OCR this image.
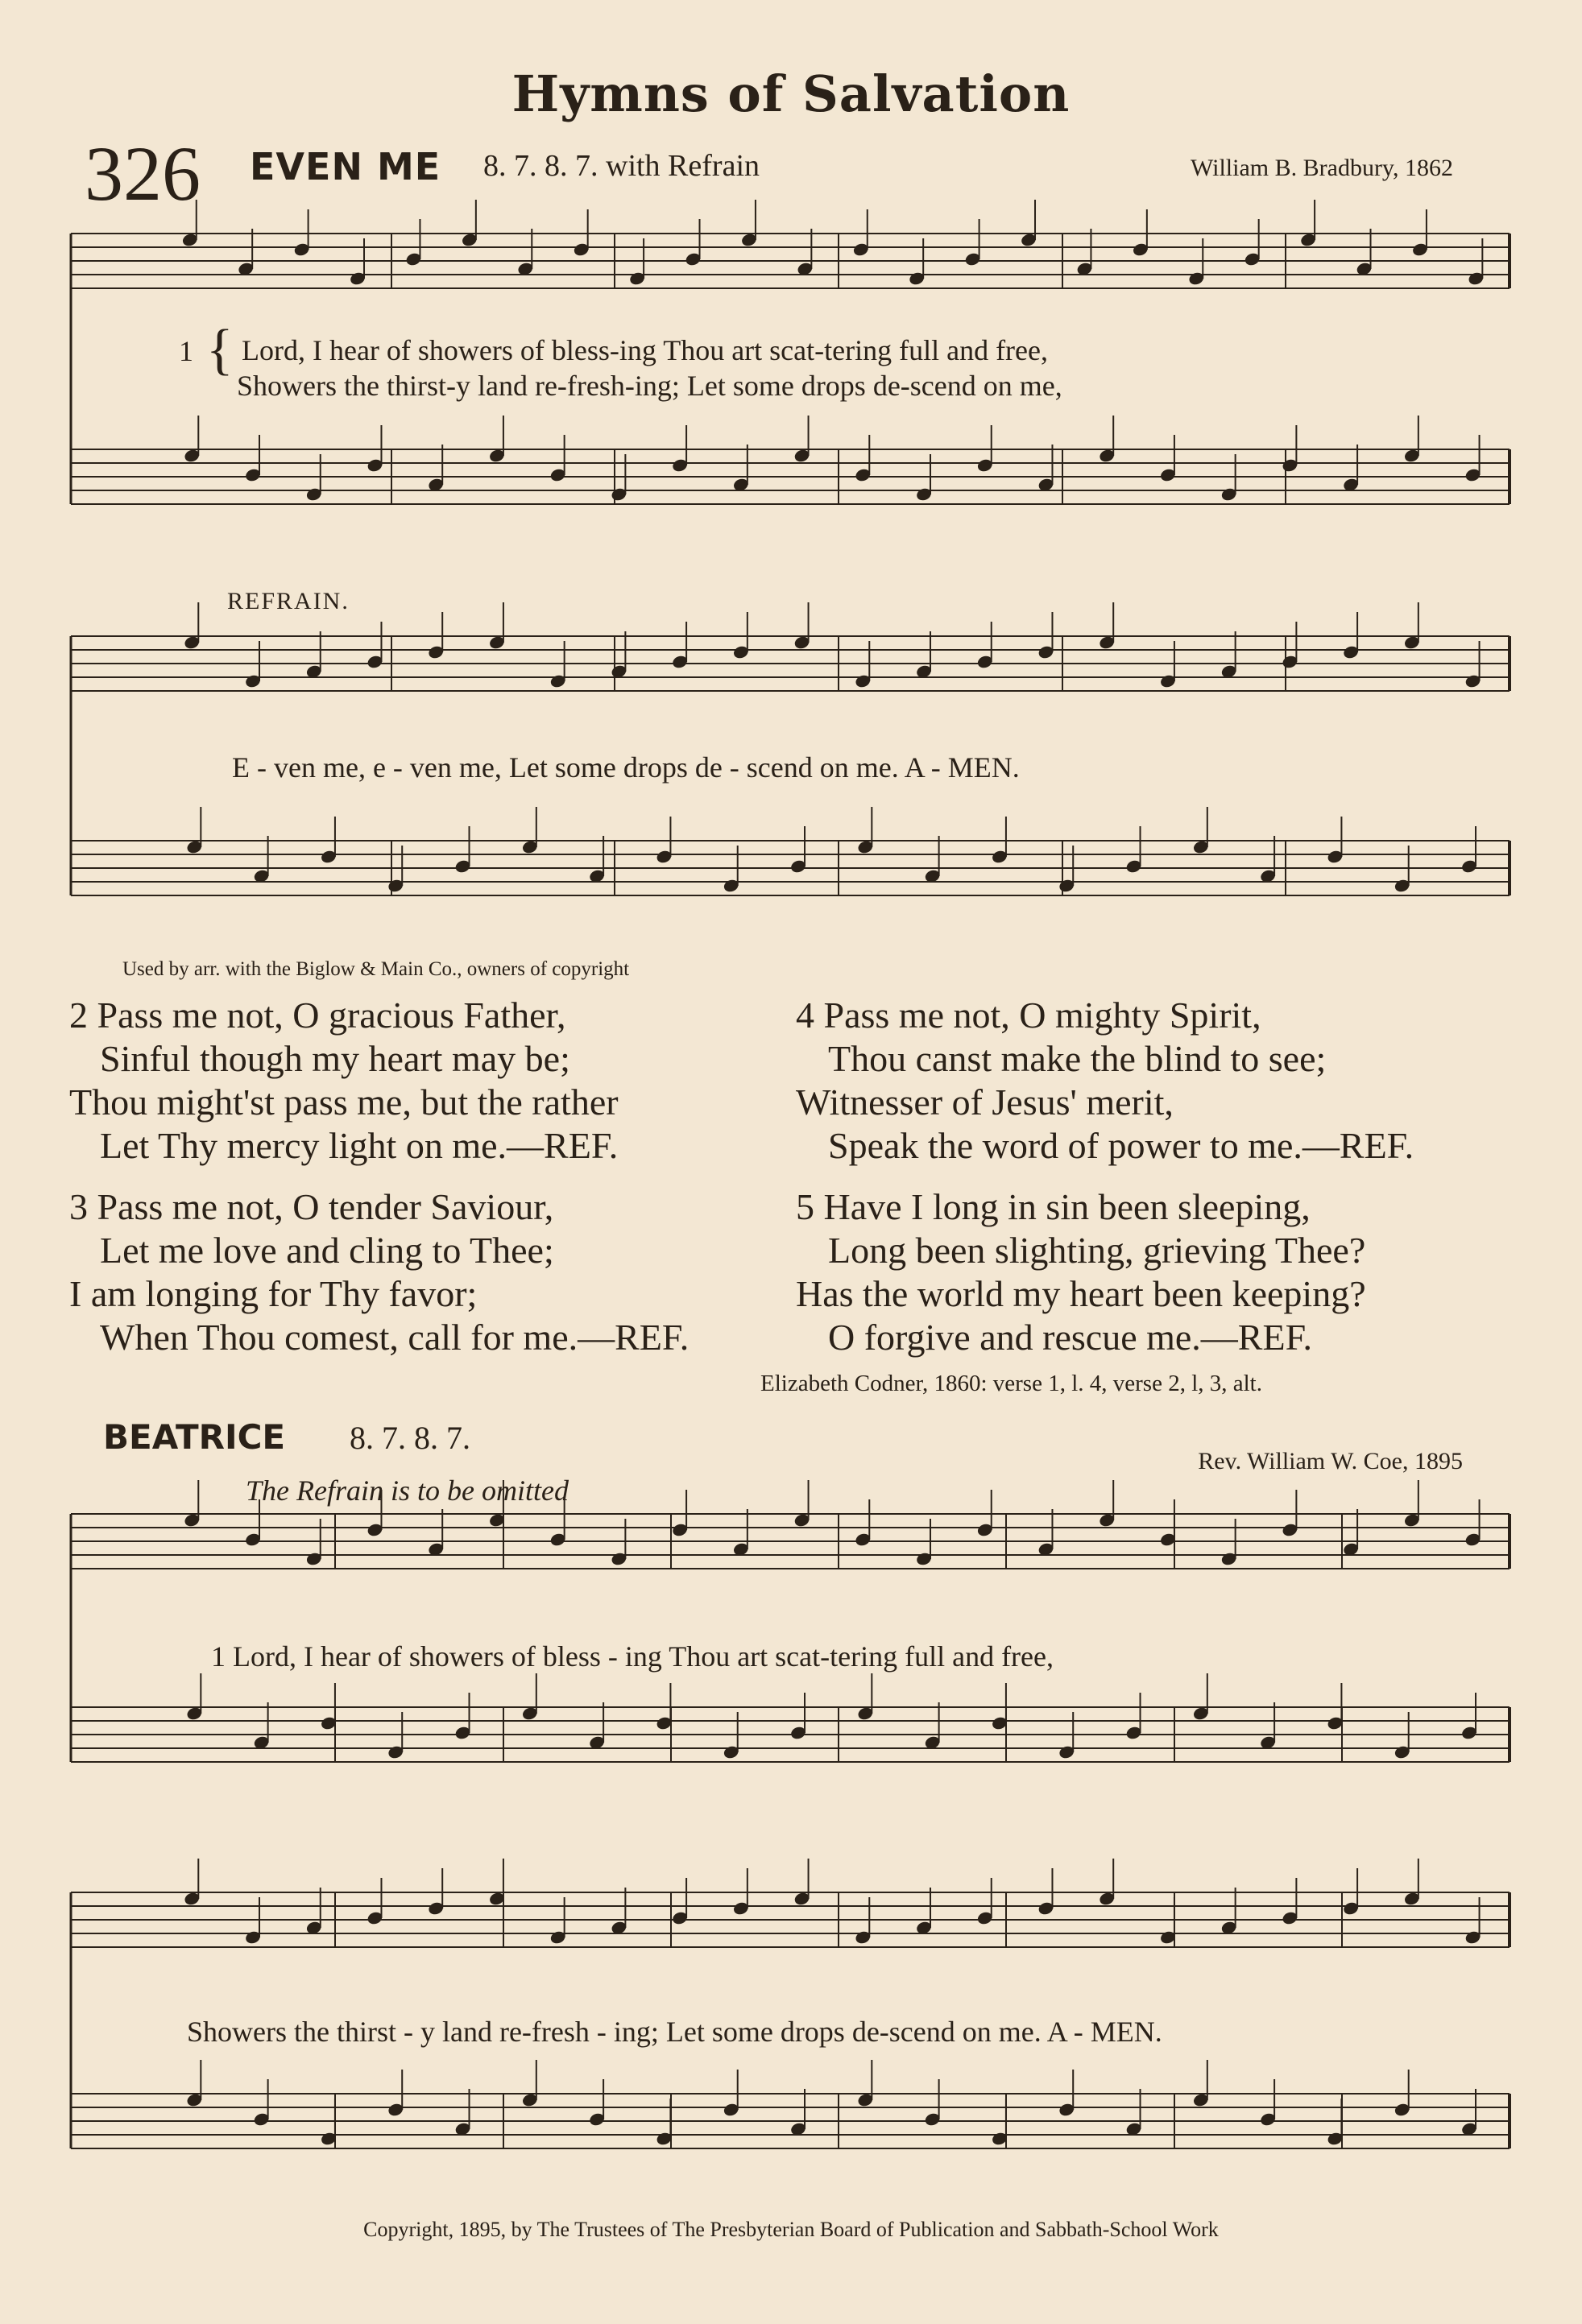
Hymns of Salvation
326 EVEN ME 8. 7. 8. 7. with Refrain	William B. Bradbury, 1862
1 { Lord, I hear of showers of bless-ing Thou art scat-tering full and free,
Showers the thirst-y land re-fresh-ing; Let some drops de-scend on me,
REFRAIN.
E - ven me, e - ven me, Let some drops de - scend on me. A - MEN.
Used by arr. with the Biglow & Main Co., owners of copyright
2 Pass me not, O gracious Father,
Sinful though my heart may be;
Thou might'st pass me, but the rather
Let Thy mercy light on me.—REF.
3 Pass me not, O tender Saviour,
Let me love and cling to Thee;
I am longing for Thy favor;
When Thou comest, call for me.—REF.
4 Pass me not, O mighty Spirit,
Thou canst make the blind to see;
Witnesser of Jesus' merit,
Speak the word of power to me.—REF.
5 Have I long in sin been sleeping,
Long been slighting, grieving Thee?
Has the world my heart been keeping?
O forgive and rescue me.—REF.
Elizabeth Codner, 1860: verse 1, l. 4, verse 2, l, 3, alt.
BEATRICE 8. 7. 8. 7.
Rev. William W. Coe, 1895
The Refrain is to be omitted
1 Lord, I hear of showers of bless - ing Thou art scat-tering full and free,
Showers the thirst - y land re-fresh - ing; Let some drops de-scend on me. A - MEN.
Copyright, 1895, by The Trustees of The Presbyterian Board of Publication and Sabbath-School Work
